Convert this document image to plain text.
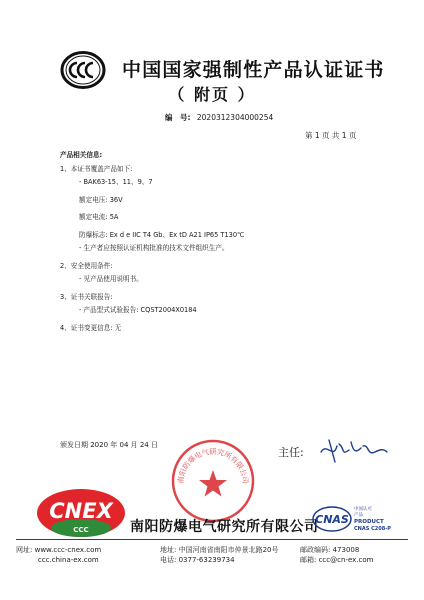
中国国家强制性产品认证证书
（ 附页 ）
编　号: 2020312304000254
第 1 页 共 1 页
产品相关信息:
1、本证书覆盖产品如下:
- BAK63-15、11、9、7
额定电压: 36V
额定电流: 5A
防爆标志: Ex d e IIC T4 Gb、Ex tD A21 IP65 T130℃
- 生产者应按照认证机构批准的技术文件组织生产。
2、安全使用条件:
- 见产品使用说明书。
3、证书关联报告:
- 产品型式试验报告: CQST2004X0184
4、证书变更信息: 无
颁发日期 2020 年 04 月 24 日
主任:
南阳防爆电气研究所有限公司
CNEX
CCC	南阳防爆电气研究所有限公司
CNAS
中国认可
产品
PRODUCT
CNAS C208-P
网址: www.ccc-cnex.com
ccc.china-ex.com
地址: 中国河南省南阳市仲景北路20号
电话: 0377-63239734
邮政编码: 473008
邮箱: ccc@cn-ex.com
